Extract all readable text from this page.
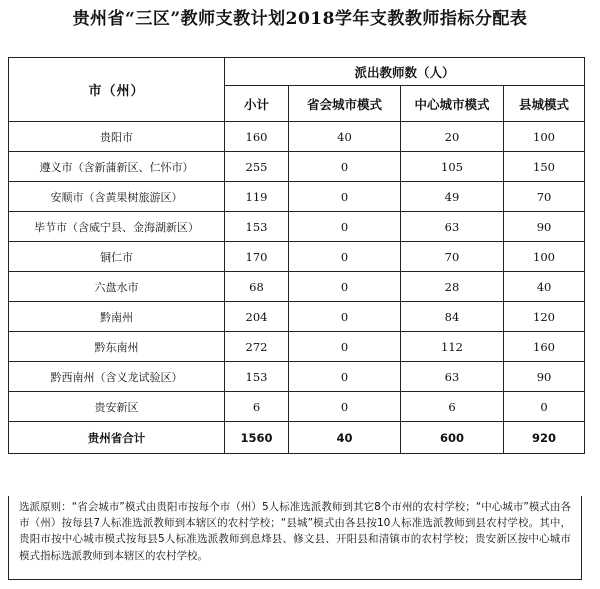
贵州省“三区”教师支教计划2018学年支教教师指标分配表
市（州）	派出教师数（人）			
	小计	省会城市模式	中心城市模式	县城模式
贵阳市	160	40	20	100
遵义市（含新蒲新区、仁怀市）	255	0	105	150
安顺市（含黄果树旅游区）	119	0	49	70
毕节市（含威宁县、金海湖新区）	153	0	63	90
铜仁市	170	0	70	100
六盘水市	68	0	28	40
黔南州	204	0	84	120
黔东南州	272	0	112	160
黔西南州（含义龙试验区）	153	0	63	90
贵安新区	6	0	6	0
贵州省合计	1560	40	600	920
选派原则：“省会城市”模式由贵阳市按每个市（州）5人标准选派教师到其它8个市州的农村学校；“中心城市”模式由各市（州）按每县7人标准选派教师到本辖区的农村学校；“县城”模式由各县按10人标准选派教师到县农村学校。其中，贵阳市按中心城市模式按每县5人标准选派教师到息烽县、修文县、开阳县和清镇市的农村学校；贵安新区按中心城市模式指标选派教师到本辖区的农村学校。
